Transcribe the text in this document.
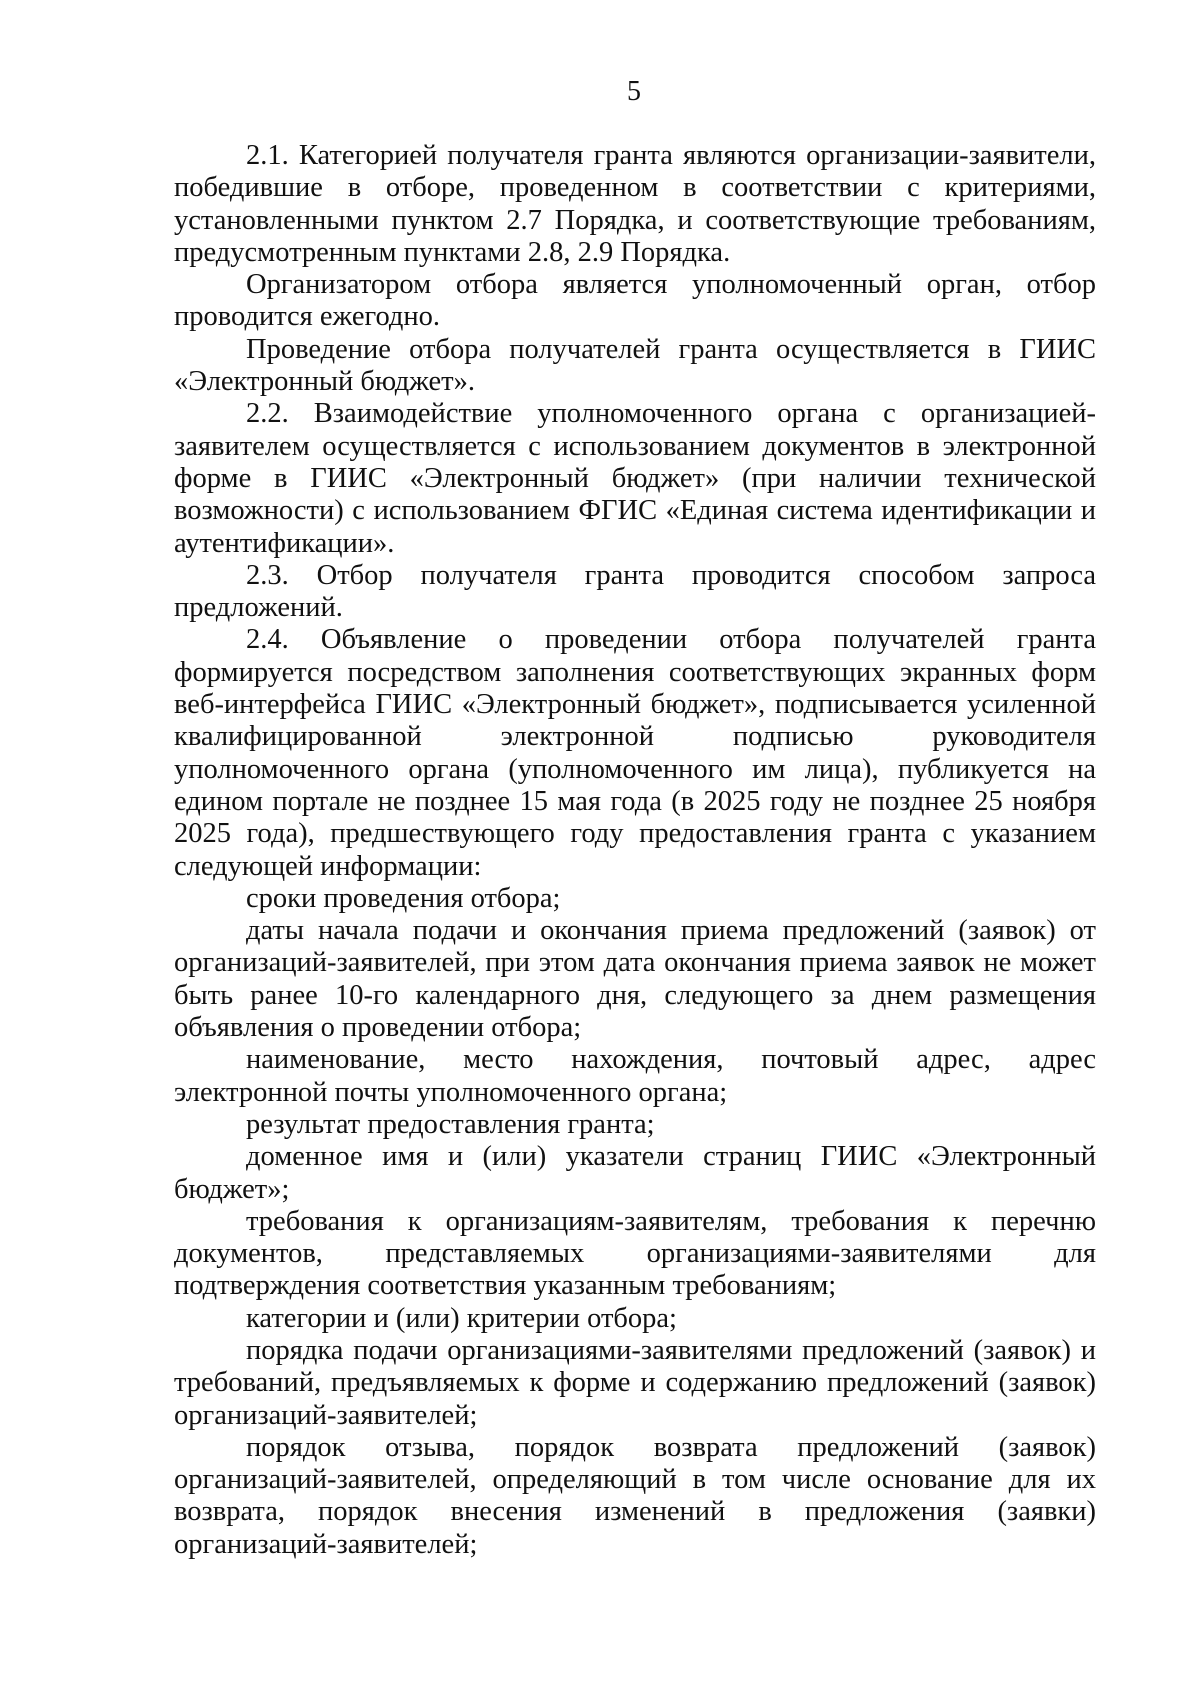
5

2.1. Категорией получателя гранта являются организации-заявители, победившие в отборе, проведенном в соответствии с критериями, установленными пунктом 2.7 Порядка, и соответствующие требованиям, предусмотренным пунктами 2.8, 2.9 Порядка.

Организатором отбора является уполномоченный орган, отбор проводится ежегодно.

Проведение отбора получателей гранта осуществляется в ГИИС «Электронный бюджет».

2.2. Взаимодействие уполномоченного органа с организацией-заявителем осуществляется с использованием документов в электронной форме в ГИИС «Электронный бюджет» (при наличии технической возможности) с использованием ФГИС «Единая система идентификации и аутентификации».

2.3. Отбор получателя гранта проводится способом запроса предложений.

2.4. Объявление о проведении отбора получателей гранта формируется посредством заполнения соответствующих экранных форм веб-интерфейса ГИИС «Электронный бюджет», подписывается усиленной квалифицированной электронной подписью руководителя уполномоченного органа (уполномоченного им лица), публикуется на едином портале не позднее 15 мая года (в 2025 году не позднее 25 ноября 2025 года), предшествующего году предоставления гранта с указанием следующей информации:

сроки проведения отбора;

даты начала подачи и окончания приема предложений (заявок) от организаций-заявителей, при этом дата окончания приема заявок не может быть ранее 10-го календарного дня, следующего за днем размещения объявления о проведении отбора;

наименование, место нахождения, почтовый адрес, адрес электронной почты уполномоченного органа;

результат предоставления гранта;

доменное имя и (или) указатели страниц ГИИС «Электронный бюджет»;

требования к организациям-заявителям, требования к перечню документов, представляемых организациями-заявителями для подтверждения соответствия указанным требованиям;

категории и (или) критерии отбора;

порядка подачи организациями-заявителями предложений (заявок) и требований, предъявляемых к форме и содержанию предложений (заявок) организаций-заявителей;

порядок отзыва, порядок возврата предложений (заявок) организаций-заявителей, определяющий в том числе основание для их возврата, порядок внесения изменений в предложения (заявки) организаций-заявителей;
